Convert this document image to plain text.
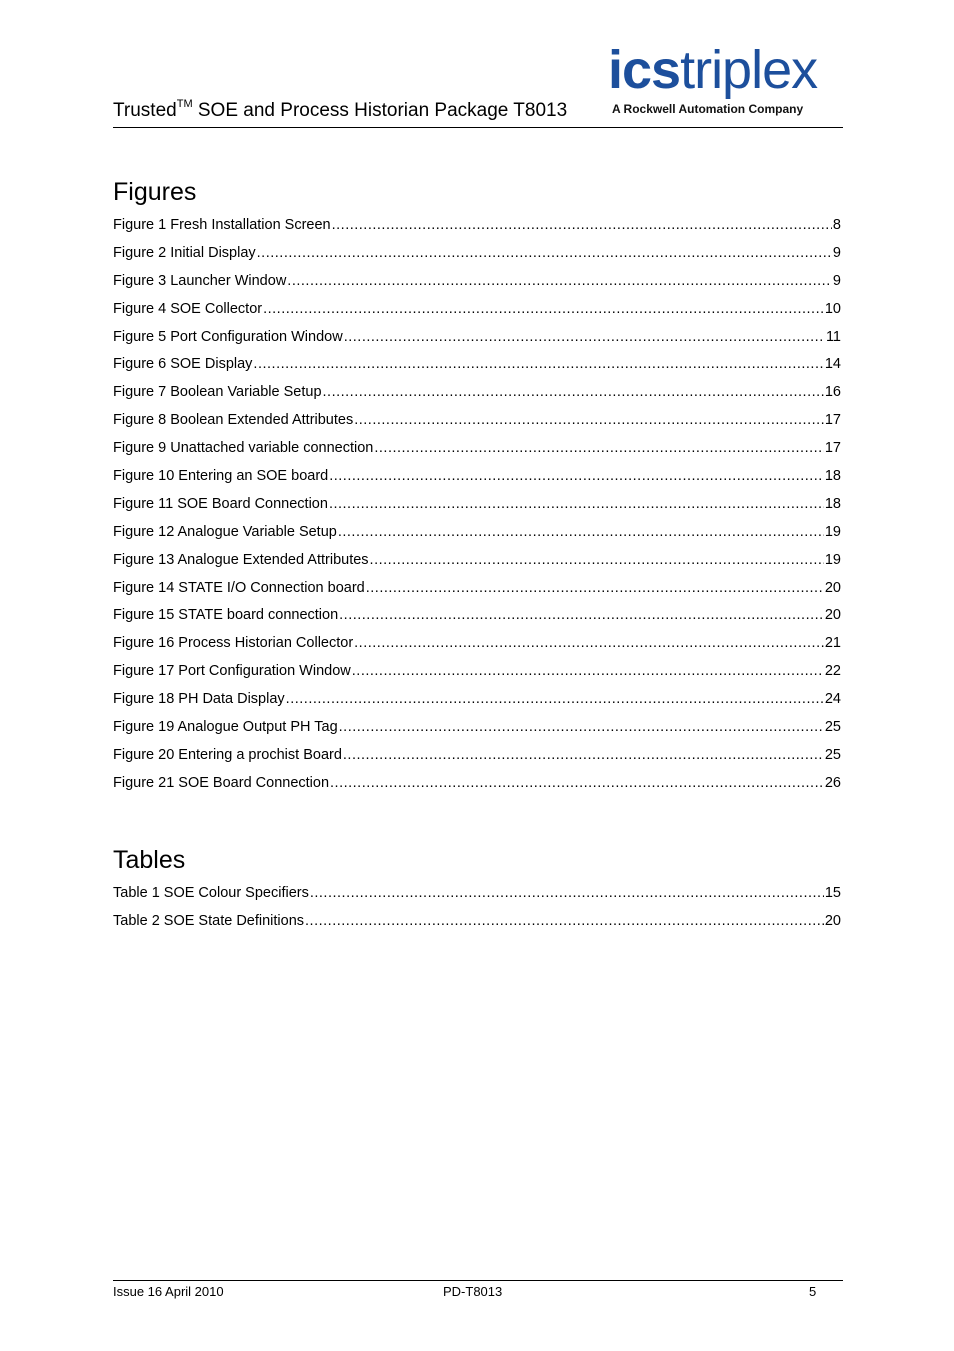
Trusted™ SOE and Process Historian Package T8013
icstriplex
A Rockwell Automation Company
Figures
Figure 1 Fresh Installation Screen .....	8
Figure 2 Initial Display .....	9
Figure 3 Launcher Window .....	9
Figure 4 SOE Collector .....	10
Figure 5 Port Configuration Window .....	11
Figure 6 SOE Display .....	14
Figure 7 Boolean Variable Setup .....	16
Figure 8 Boolean Extended Attributes .....	17
Figure 9 Unattached variable connection .....	17
Figure 10 Entering an SOE board .....	18
Figure 11 SOE Board Connection .....	18
Figure 12 Analogue Variable Setup .....	19
Figure 13 Analogue Extended Attributes .....	19
Figure 14 STATE I/O Connection board .....	20
Figure 15 STATE board connection .....	20
Figure 16 Process Historian Collector .....	21
Figure 17 Port Configuration Window .....	22
Figure 18 PH Data Display .....	24
Figure 19 Analogue Output PH Tag .....	25
Figure 20 Entering a prochist Board .....	25
Figure 21 SOE Board Connection .....	26
Tables
Table 1 SOE Colour Specifiers .....	15
Table 2 SOE State Definitions .....	20
Issue 16 April 2010	PD-T8013	5
